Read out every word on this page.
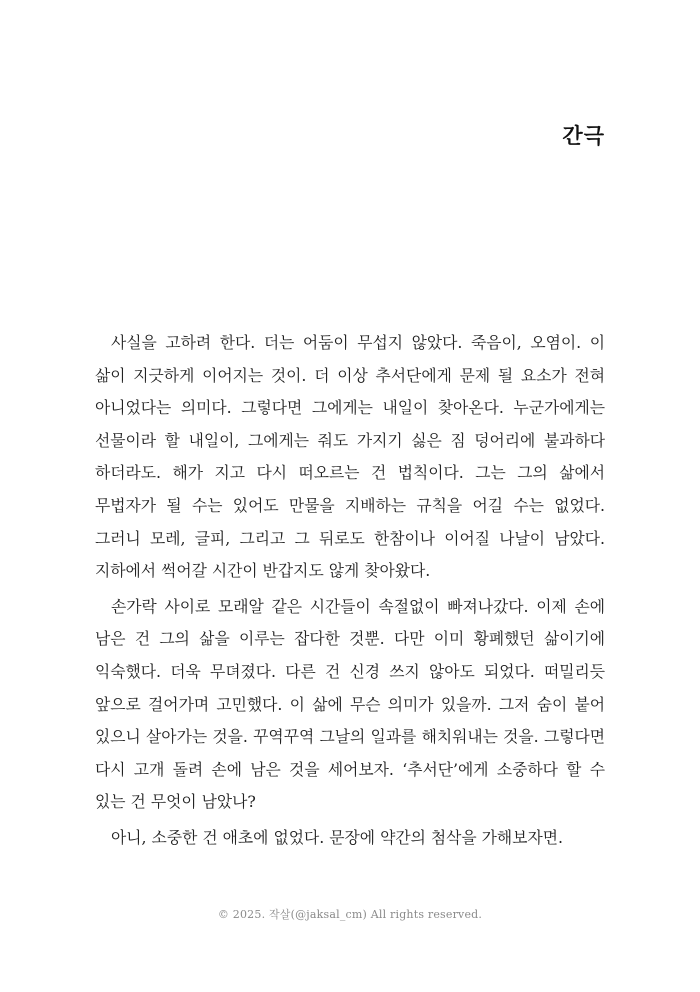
간극

사실을 고하려 한다. 더는 어둠이 무섭지 않았다. 죽음이, 오염이. 이 삶이 지긋하게 이어지는 것이. 더 이상 추서단에게 문제 될 요소가 전혀 아니었다는 의미다. 그렇다면 그에게는 내일이 찾아온다. 누군가에게는 선물이라 할 내일이, 그에게는 줘도 가지기 싫은 짐 덩어리에 불과하다 하더라도. 해가 지고 다시 떠오르는 건 법칙이다. 그는 그의 삶에서 무법자가 될 수는 있어도 만물을 지배하는 규칙을 어길 수는 없었다. 그러니 모레, 글피, 그리고 그 뒤로도 한참이나 이어질 나날이 남았다. 지하에서 썩어갈 시간이 반갑지도 않게 찾아왔다.

손가락 사이로 모래알 같은 시간들이 속절없이 빠져나갔다. 이제 손에 남은 건 그의 삶을 이루는 잡다한 것뿐. 다만 이미 황폐했던 삶이기에 익숙했다. 더욱 무뎌졌다. 다른 건 신경 쓰지 않아도 되었다. 떠밀리듯 앞으로 걸어가며 고민했다. 이 삶에 무슨 의미가 있을까. 그저 숨이 붙어 있으니 살아가는 것을. 꾸역꾸역 그날의 일과를 해치워내는 것을. 그렇다면 다시 고개 돌려 손에 남은 것을 세어보자. ‘추서단’에게 소중하다 할 수 있는 건 무엇이 남았나?

아니, 소중한 건 애초에 없었다. 문장에 약간의 첨삭을 가해보자면.

© 2025. 작살(@jaksal_cm) All rights reserved.
